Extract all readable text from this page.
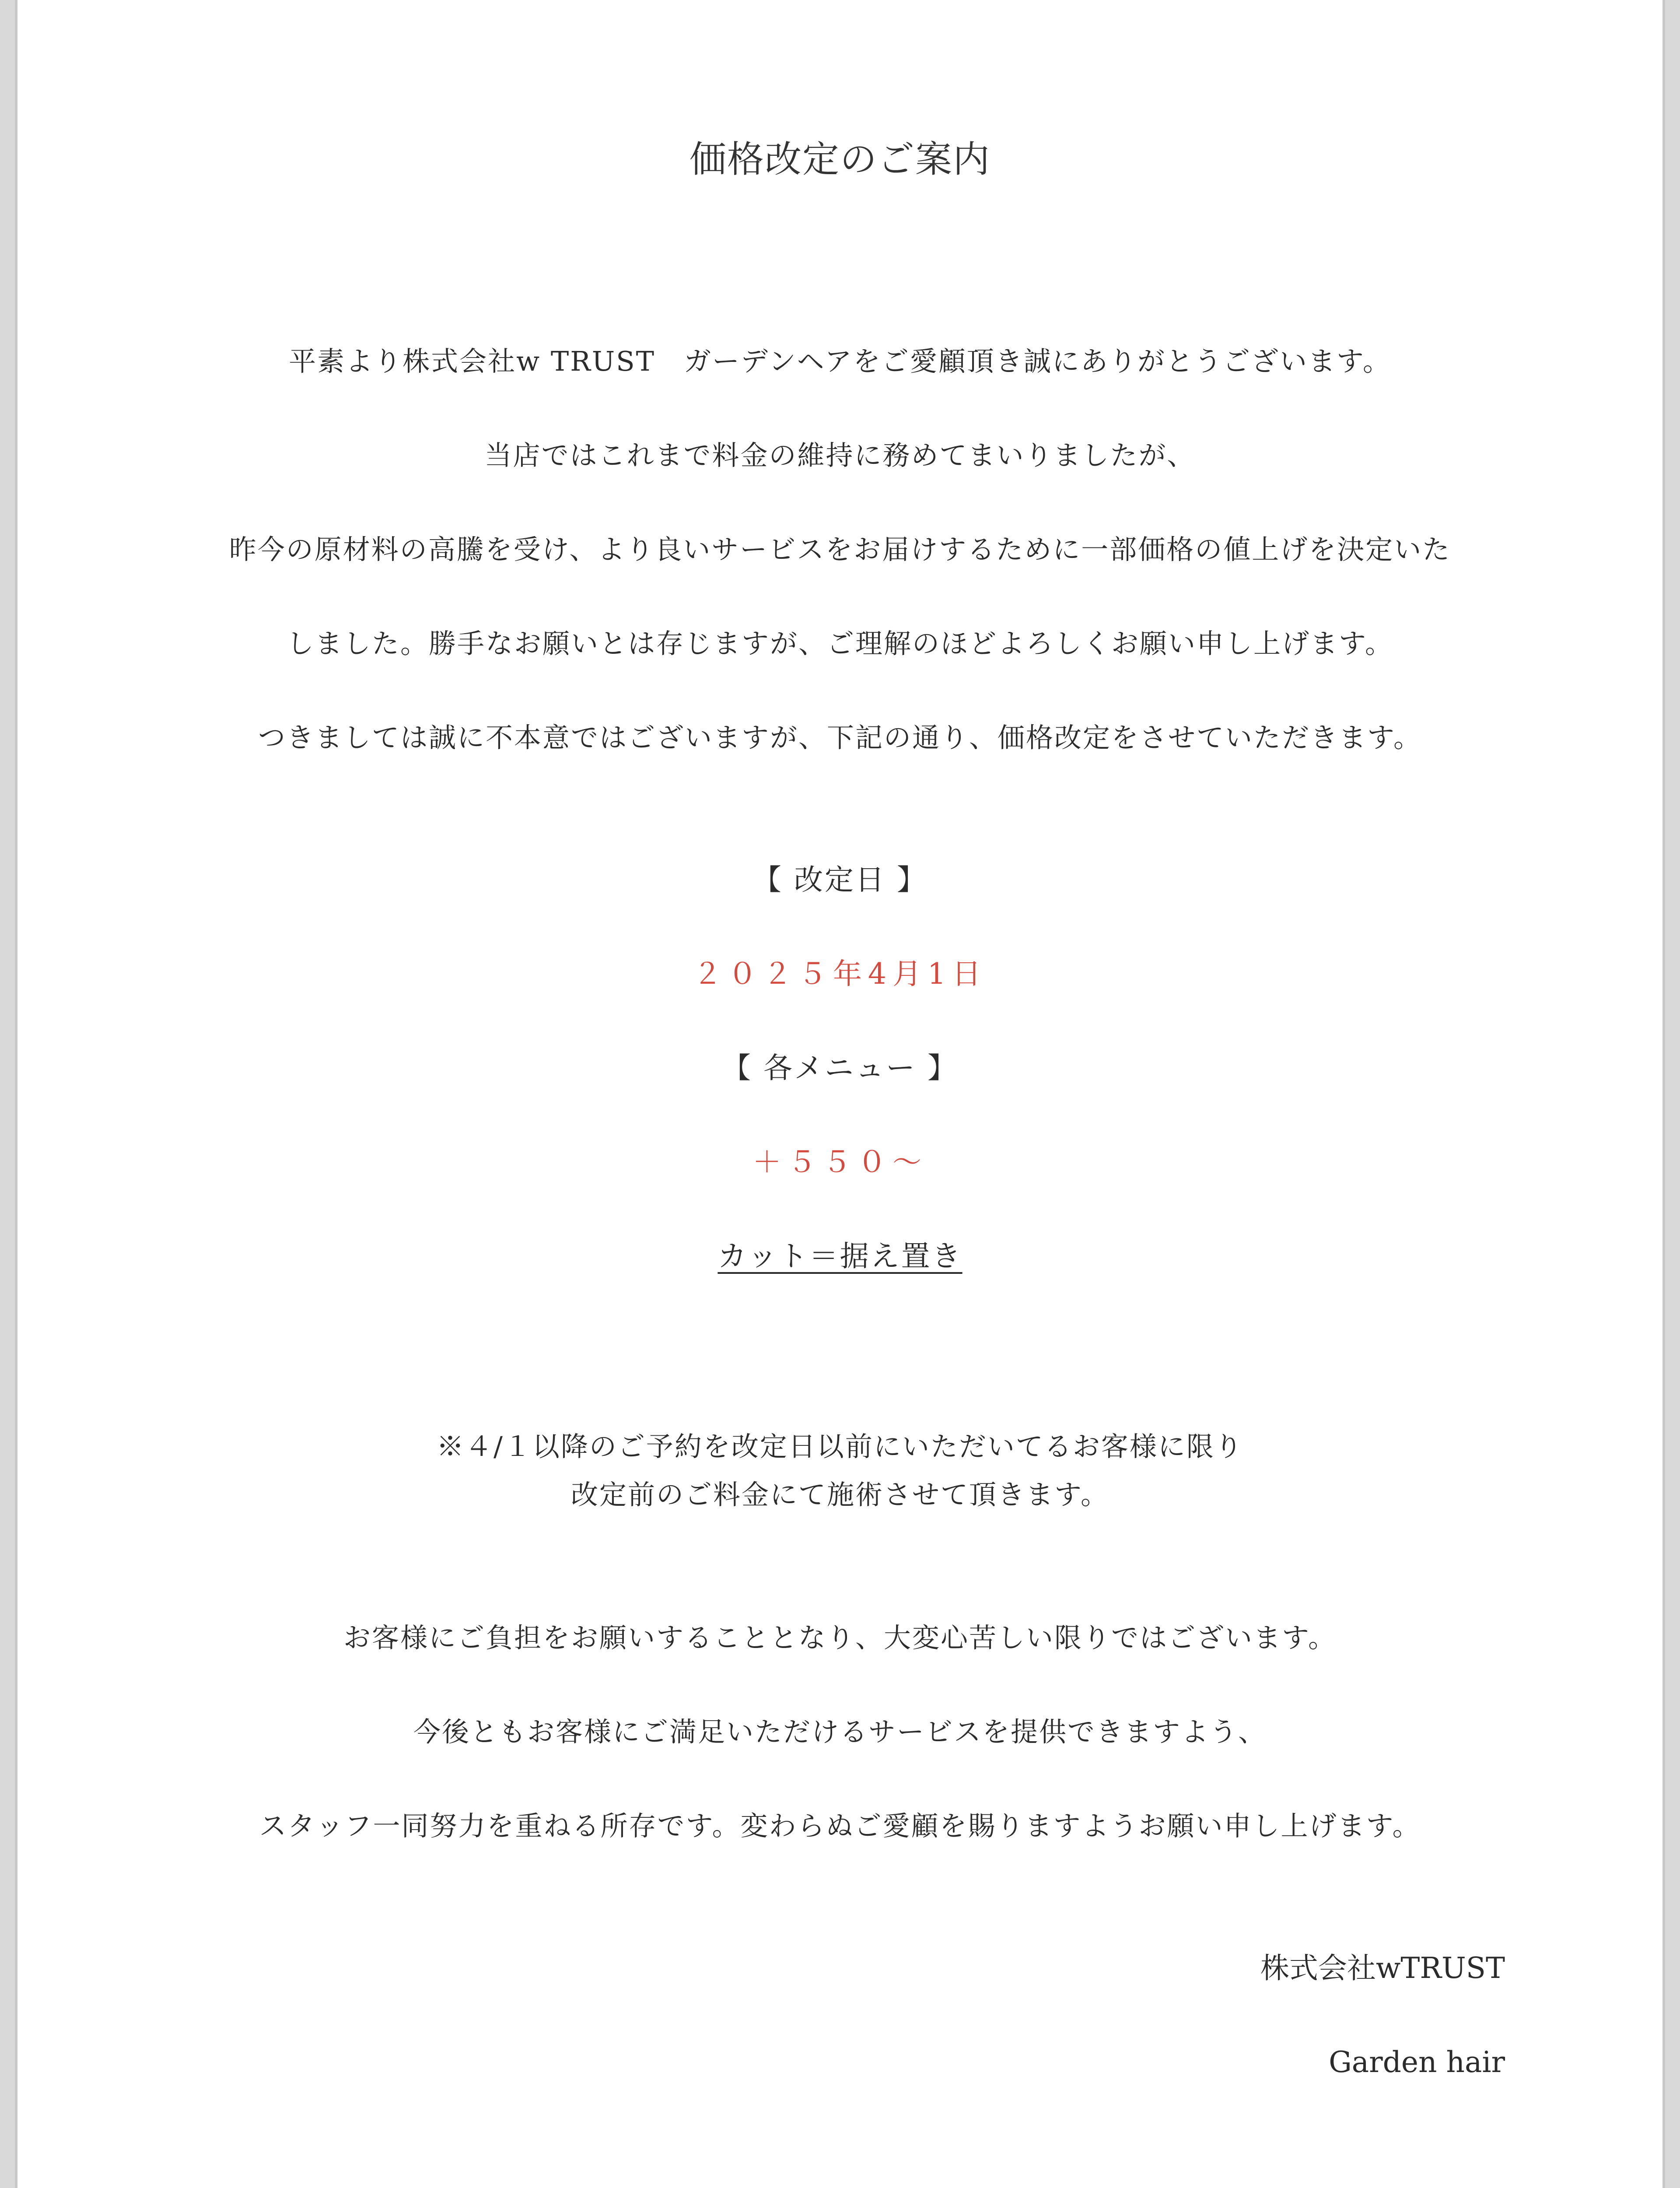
価格改定のご案内
平素より株式会社w TRUST　ガーデンヘアをご愛顧頂き誠にありがとうございます。
当店ではこれまで料金の維持に務めてまいりましたが、
昨今の原材料の高騰を受け、より良いサービスをお届けするために一部価格の値上げを決定いた
しました。勝手なお願いとは存じますが、ご理解のほどよろしくお願い申し上げます。
つきましては誠に不本意ではございますが、下記の通り、価格改定をさせていただきます。
【 改定日 】
２０２５年4月1日
【 各メニュー 】
＋５５０〜
カット＝据え置き
※４/１以降のご予約を改定日以前にいただいてるお客様に限り
改定前のご料金にて施術させて頂きます。
お客様にご負担をお願いすることとなり、大変心苦しい限りではございます。
今後ともお客様にご満足いただけるサービスを提供できますよう、
スタッフ一同努力を重ねる所存です。変わらぬご愛顧を賜りますようお願い申し上げます。
株式会社wTRUST
Garden hair
